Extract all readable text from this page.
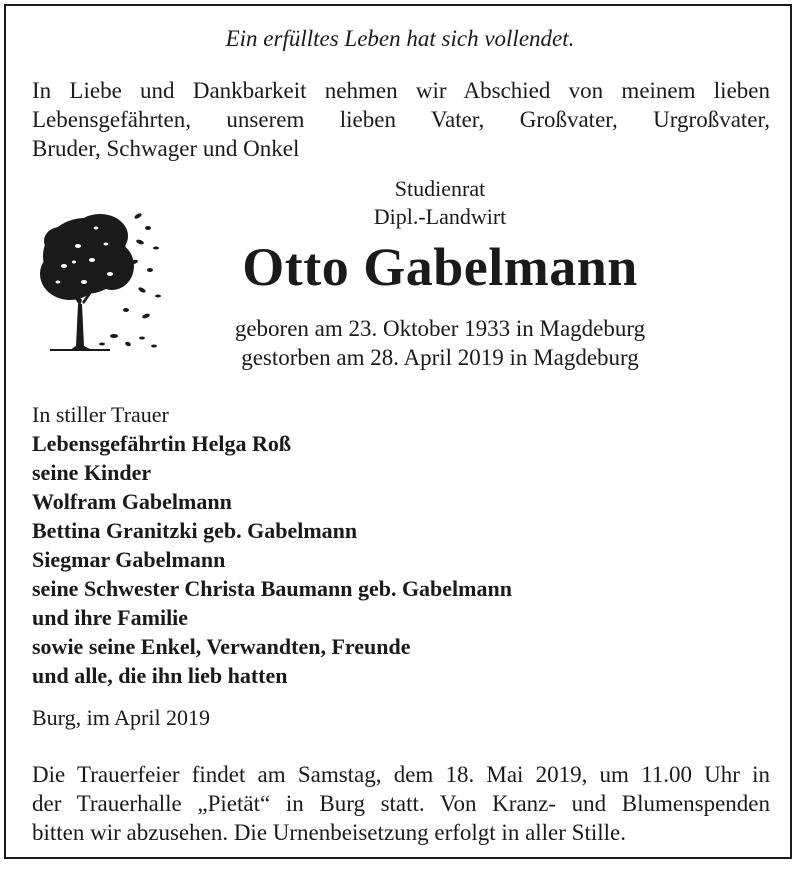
Ein erfülltes Leben hat sich vollendet.
In Liebe und Dankbarkeit nehmen wir Abschied von meinem lieben
Lebensgefährten, unserem lieben Vater, Großvater, Urgroßvater,
Bruder, Schwager und Onkel
Studienrat
Dipl.-Landwirt
Otto Gabelmann
geboren am 23. Oktober 1933 in Magdeburg
gestorben am 28. April 2019 in Magdeburg
In stiller Trauer
Lebensgefährtin Helga Roß
seine Kinder
Wolfram Gabelmann
Bettina Granitzki geb. Gabelmann
Siegmar Gabelmann
seine Schwester Christa Baumann geb. Gabelmann
und ihre Familie
sowie seine Enkel, Verwandten, Freunde
und alle, die ihn lieb hatten
Burg, im April 2019
Die Trauerfeier findet am Samstag, dem 18. Mai 2019, um 11.00 Uhr in
der Trauerhalle „Pietät“ in Burg statt. Von Kranz- und Blumenspenden
bitten wir abzusehen. Die Urnenbeisetzung erfolgt in aller Stille.
